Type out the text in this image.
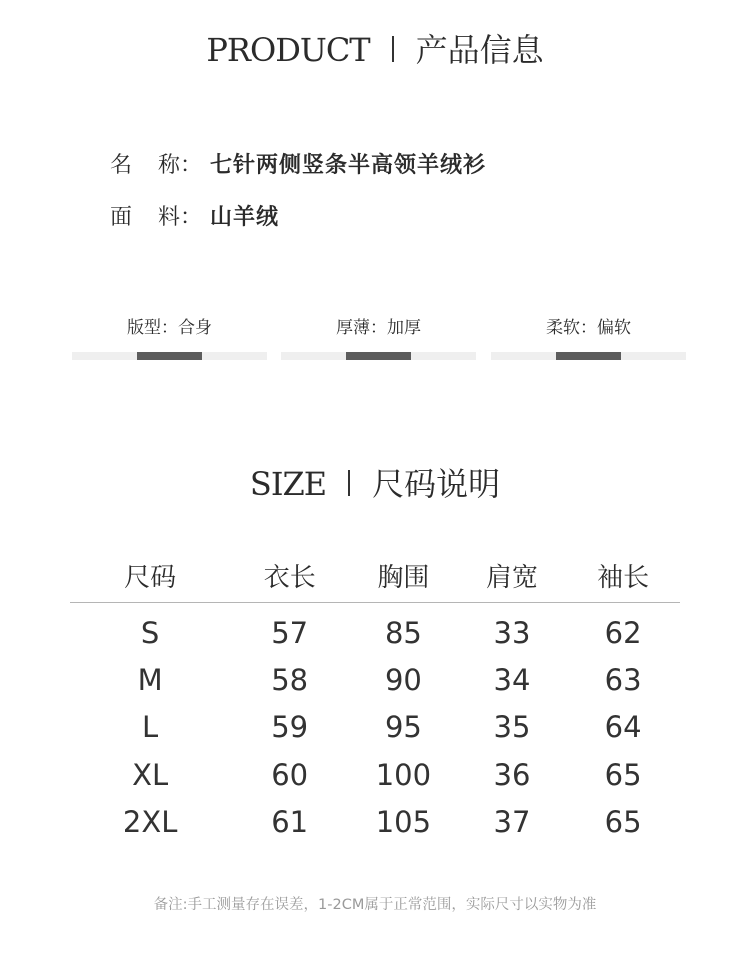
PRODUCT 产品信息
名 称： 七针两侧竖条半高领羊绒衫
面 料： 山羊绒
版型：合身	厚薄：加厚	柔软：偏软
SIZE 尺码说明
尺码	衣长	胸围	肩宽	袖长
S	57	85	33	62
M	58	90	34	63
L	59	95	35	64
XL	60	100	36	65
2XL	61	105	37	65
备注:手工测量存在误差，1-2CM属于正常范围，实际尺寸以实物为准
